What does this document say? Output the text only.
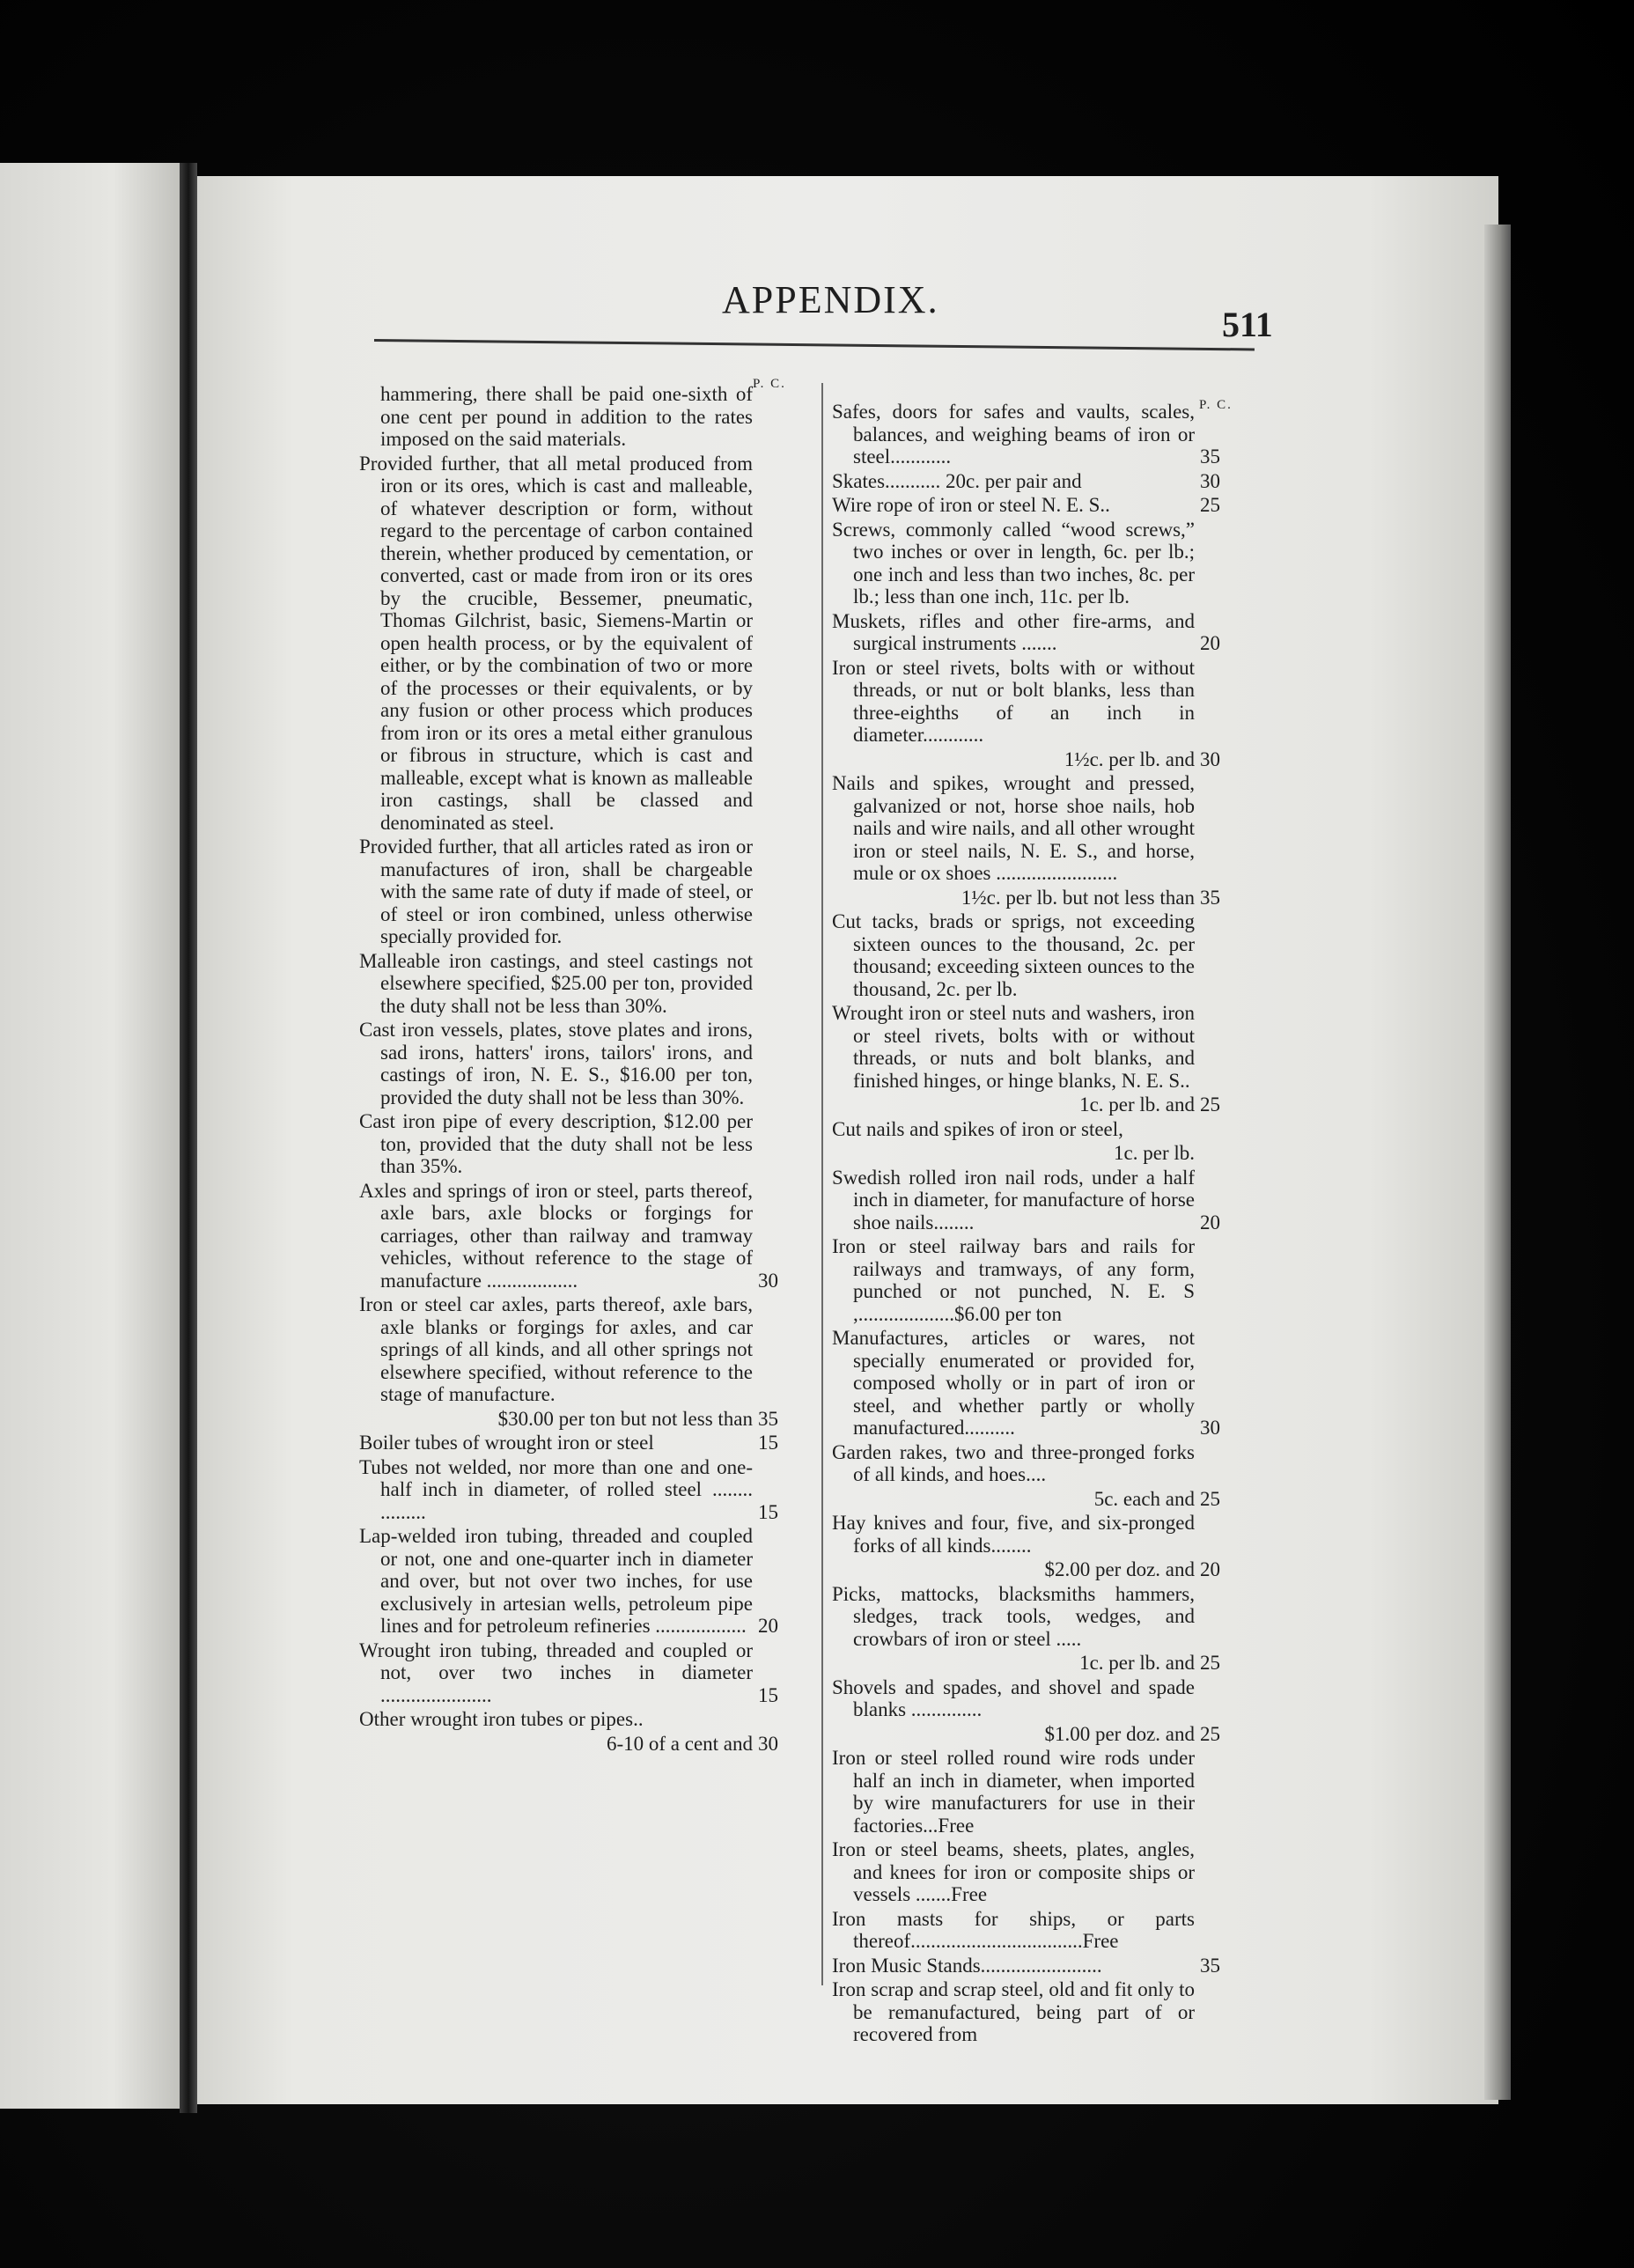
APPENDIX.
511
P. C.
P. C.
hammering, there shall be paid one-sixth of one cent per pound in addition to the rates imposed on the said materials.
Provided further, that all metal produced from iron or its ores, which is cast and malleable, of whatever description or form, without regard to the percentage of carbon contained therein, whether produced by cementation, or converted, cast or made from iron or its ores by the crucible, Bessemer, pneumatic, Thomas Gilchrist, basic, Siemens-Martin or open health process, or by the equivalent of either, or by the combination of two or more of the processes or their equivalents, or by any fusion or other process which produces from iron or its ores a metal either granulous or fibrous in structure, which is cast and malleable, except what is known as malleable iron castings, shall be classed and denominated as steel.
Provided further, that all articles rated as iron or manufactures of iron, shall be chargeable with the same rate of duty if made of steel, or of steel or iron combined, unless otherwise specially provided for.
Malleable iron castings, and steel castings not elsewhere specified, $25.00 per ton, provided the duty shall not be less than 30%.
Cast iron vessels, plates, stove plates and irons, sad irons, hatters' irons, tailors' irons, and castings of iron, N. E. S., $16.00 per ton, provided the duty shall not be less than 30%.
Cast iron pipe of every description, $12.00 per ton, provided that the duty shall not be less than 35%.
Axles and springs of iron or steel, parts thereof, axle bars, axle blocks or forgings for carriages, other than railway and tramway vehicles, without reference to the stage of manufacture ..................	30
Iron or steel car axles, parts thereof, axle bars, axle blanks or forgings for axles, and car springs of all kinds, and all other springs not elsewhere specified, without reference to the stage of manufacture.
$30.00 per ton but not less than 35
Boiler tubes of wrought iron or steel	15
Tubes not welded, nor more than one and one-half inch in diameter, of rolled steel ........ .........	15
Lap-welded iron tubing, threaded and coupled or not, one and one-quarter inch in diameter and over, but not over two inches, for use exclusively in artesian wells, petroleum pipe lines and for petroleum refineries .................. 20
Wrought iron tubing, threaded and coupled or not, over two inches in diameter ......................	15
Other wrought iron tubes or pipes..
6-10 of a cent and 30
Safes, doors for safes and vaults, scales, balances, and weighing beams of iron or steel............	35
Skates........... 20c. per pair and	30
Wire rope of iron or steel N. E. S..	25
Screws, commonly called “wood screws,” two inches or over in length, 6c. per lb.; one inch and less than two inches, 8c. per lb.; less than one inch, 11c. per lb.
Muskets, rifles and other fire-arms, and surgical instruments .......	20
Iron or steel rivets, bolts with or without threads, or nut or bolt blanks, less than three-eighths of an inch in diameter............
1½c. per lb. and 30
Nails and spikes, wrought and pressed, galvanized or not, horse shoe nails, hob nails and wire nails, and all other wrought iron or steel nails, N. E. S., and horse, mule or ox shoes ........................
1½c. per lb. but not less than 35
Cut tacks, brads or sprigs, not exceeding sixteen ounces to the thousand, 2c. per thousand; exceeding sixteen ounces to the thousand, 2c. per lb.
Wrought iron or steel nuts and washers, iron or steel rivets, bolts with or without threads, or nuts and bolt blanks, and finished hinges, or hinge blanks, N. E. S..
1c. per lb. and 25
Cut nails and spikes of iron or steel,
1c. per lb.
Swedish rolled iron nail rods, under a half inch in diameter, for manufacture of horse shoe nails........	20
Iron or steel railway bars and rails for railways and tramways, of any form, punched or not punched, N. E. S ,...................$6.00 per ton
Manufactures, articles or wares, not specially enumerated or provided for, composed wholly or in part of iron or steel, and whether partly or wholly manufactured..........	30
Garden rakes, two and three-pronged forks of all kinds, and hoes....
5c. each and 25
Hay knives and four, five, and six-pronged forks of all kinds........
$2.00 per doz. and 20
Picks, mattocks, blacksmiths hammers, sledges, track tools, wedges, and crowbars of iron or steel .....
1c. per lb. and 25
Shovels and spades, and shovel and spade blanks ..............
$1.00 per doz. and 25
Iron or steel rolled round wire rods under half an inch in diameter, when imported by wire manufacturers for use in their factories...Free
Iron or steel beams, sheets, plates, angles, and knees for iron or composite ships or vessels .......Free
Iron masts for ships, or parts thereof..................................Free
Iron Music Stands........................	35
Iron scrap and scrap steel, old and fit only to be remanufactured, being part of or recovered from
